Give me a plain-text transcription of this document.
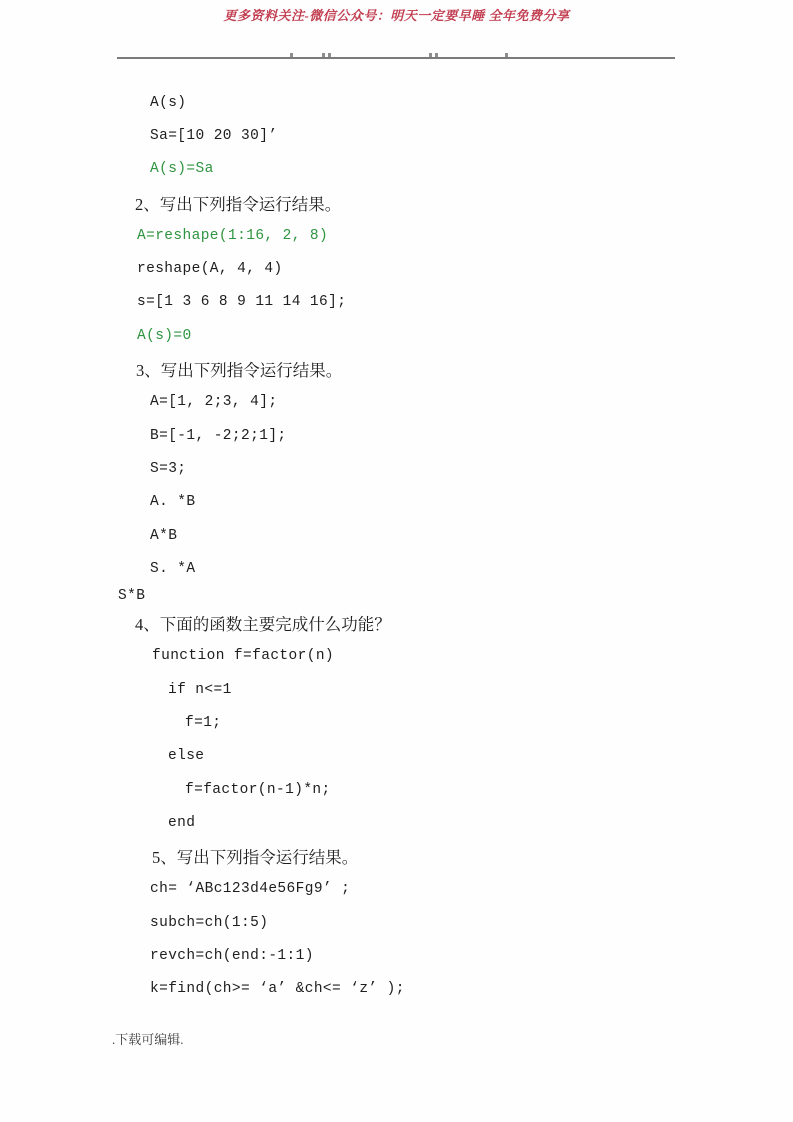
更多资料关注-微信公众号：明天一定要早睡 全年免费分享
A(s)
Sa=[10 20 30]’
A(s)=Sa
2、写出下列指令运行结果。
A=reshape(1:16, 2, 8)
reshape(A, 4, 4)
s=[1 3 6 8 9 11 14 16];
A(s)=0
3、写出下列指令运行结果。
A=[1, 2;3, 4];
B=[-1, -2;2;1];
S=3;
A. *B
A*B
S. *A
S*B
4、下面的函数主要完成什么功能？
function f=factor(n)
if n<=1
f=1;
else
f=factor(n-1)*n;
end
5、写出下列指令运行结果。
ch= ‘ABc123d4e56Fg9’ ;
subch=ch(1:5)
revch=ch(end:-1:1)
k=find(ch>= ‘a’ &ch<= ‘z’ );
.下载可编辑.
